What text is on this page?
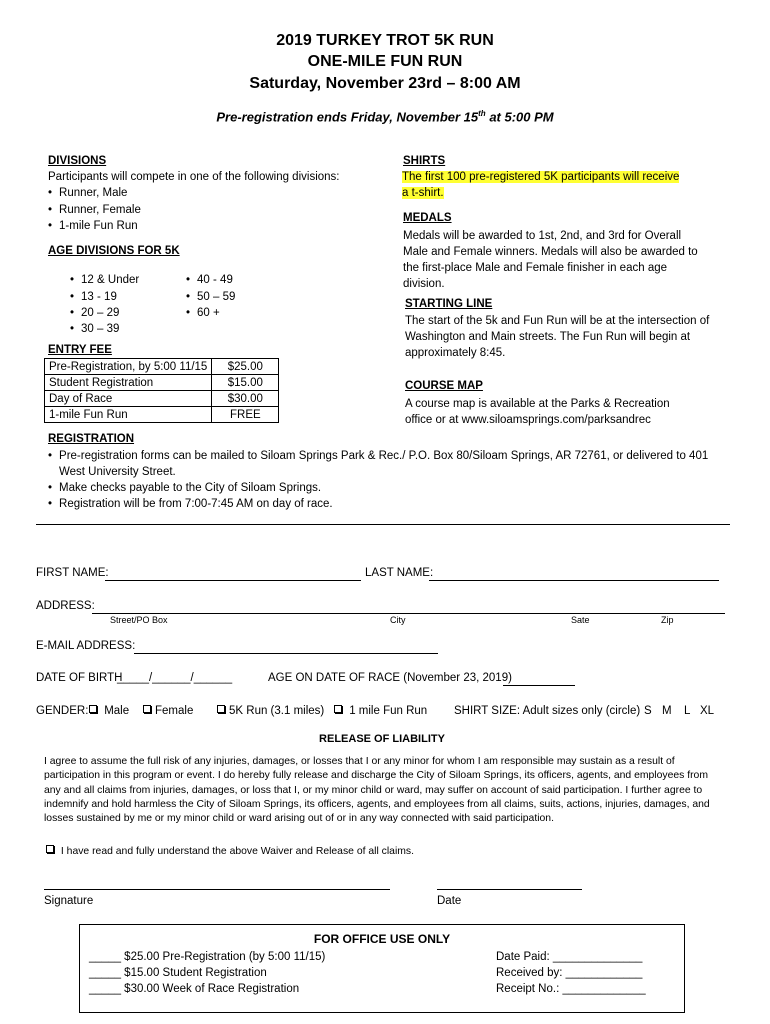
2019 TURKEY TROT 5K RUN
ONE-MILE FUN RUN
Saturday, November 23rd – 8:00 AM
Pre-registration ends Friday, November 15th at 5:00 PM
DIVISIONS
Participants will compete in one of the following divisions:
• Runner, Male
• Runner, Female
• 1-mile Fun Run
AGE DIVISIONS FOR 5K
• 12 & Under
• 13 - 19
• 20 – 29
• 30 – 39
• 40 - 49
• 50 – 59
• 60 +
ENTRY FEE
Pre-Registration, by 5:00 11/15	$25.00
Student Registration	$15.00
Day of Race	$30.00
1-mile Fun Run	FREE
SHIRTS
The first 100 pre-registered 5K participants will receive
a t-shirt.
MEDALS
Medals will be awarded to 1st, 2nd, and 3rd for Overall
Male and Female winners. Medals will also be awarded to
the first-place Male and Female finisher in each age
division.
STARTING LINE
The start of the 5k and Fun Run will be at the intersection of
Washington and Main streets. The Fun Run will begin at
approximately 8:45.
COURSE MAP
A course map is available at the Parks & Recreation
office or at www.siloamsprings.com/parksandrec
REGISTRATION
• Pre-registration forms can be mailed to Siloam Springs Park & Rec./ P.O. Box 80/Siloam Springs, AR 72761, or delivered to 401
West University Street.
• Make checks payable to the City of Siloam Springs.
• Registration will be from 7:00-7:45 AM on day of race.
FIRST NAME:	LAST NAME:
ADDRESS:
Street/PO Box	City	Sate	Zip
E-MAIL ADDRESS:
DATE OF BIRTH
_____/______/______	AGE ON DATE OF RACE (November 23, 2019)
GENDER:	Male	Female	5K Run (3.1 miles)	1 mile Fun Run SHIRT SIZE: Adult sizes only (circle) S M L XL
RELEASE OF LIABILITY
I agree to assume the full risk of any injuries, damages, or losses that I or any minor for whom I am responsible may sustain as a result of participation in this program or event. I do hereby fully release and discharge the City of Siloam Springs, its officers, agents, and employees from any and all claims from injuries, damages, or loss that I, or my minor child or ward, may suffer on account of said participation. I further agree to indemnify and hold harmless the City of Siloam Springs, its officers, agents, and employees from all claims, suits, actions, injuries, damages, and losses sustained by me or my minor child or ward arising out of or in any way connected with said participation.
I have read and fully understand the above Waiver and Release of all claims.
Signature	Date
FOR OFFICE USE ONLY
_____ $25.00 Pre-Registration (by 5:00 11/15)
_____ $15.00 Student Registration
_____ $30.00 Week of Race Registration
Date Paid: ______________
Received by: ____________
Receipt No.: _____________
